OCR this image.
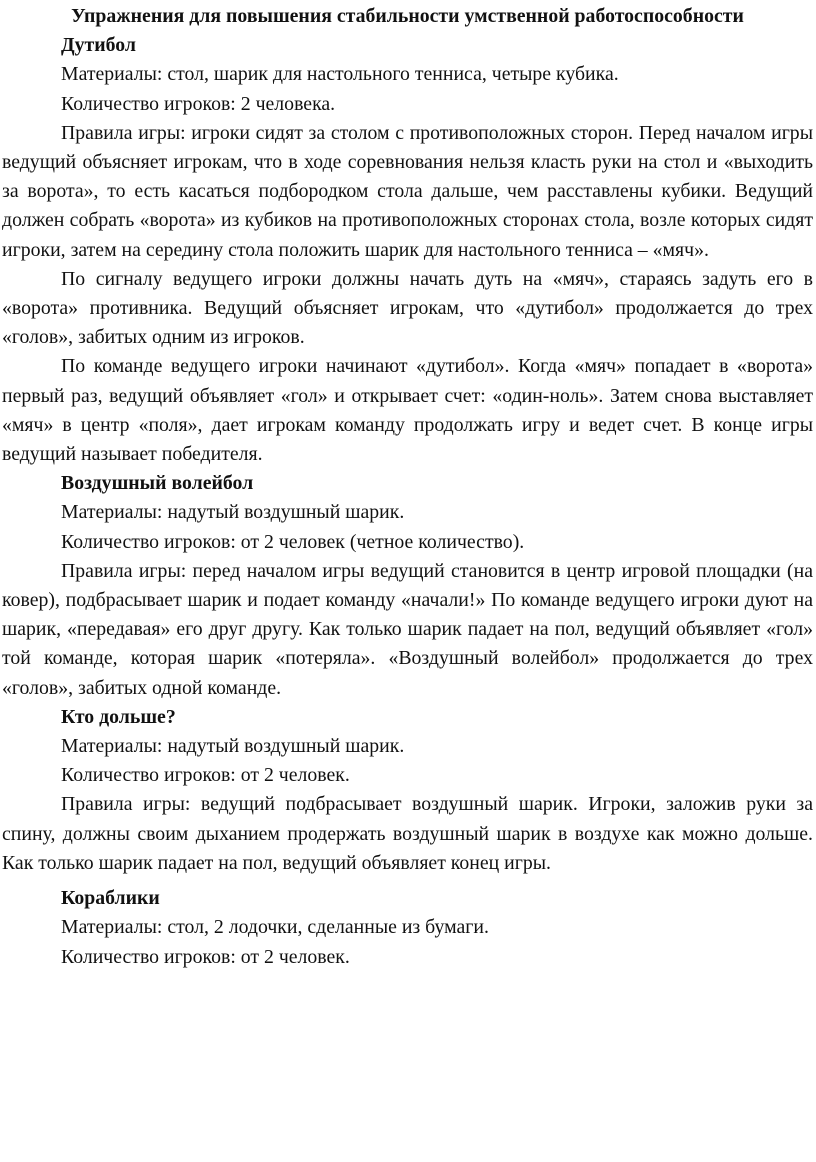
Упражнения для повышения стабильности умственной работоспособности

Дутибол

Материалы: стол, шарик для настольного тенниса, четыре кубика.

Количество игроков: 2 человека.

Правила игры: игроки сидят за столом с противоположных сторон. Перед началом игры ведущий объясняет игрокам, что в ходе соревнования нельзя класть руки на стол и «выходить за ворота», то есть касаться подбородком стола дальше, чем расставлены кубики. Ведущий должен собрать «ворота» из кубиков на противоположных сторонах стола, возле которых сидят игроки, затем на середину стола положить шарик для настольного тенниса – «мяч».

По сигналу ведущего игроки должны начать дуть на «мяч», стараясь задуть его в «ворота» противника. Ведущий объясняет игрокам, что «дутибол» продолжается до трех «голов», забитых одним из игроков.

По команде ведущего игроки начинают «дутибол». Когда «мяч» попадает в «ворота» первый раз, ведущий объявляет «гол» и открывает счет: «один-ноль». Затем снова выставляет «мяч» в центр «поля», дает игрокам команду продолжать игру и ведет счет. В конце игры ведущий называет победителя.

Воздушный волейбол

Материалы: надутый воздушный шарик.

Количество игроков: от 2 человек (четное количество).

Правила игры: перед началом игры ведущий становится в центр игровой площадки (на ковер), подбрасывает шарик и подает команду «начали!» По команде ведущего игроки дуют на шарик, «передавая» его друг другу. Как только шарик падает на пол, ведущий объявляет «гол» той команде, которая шарик «потеряла». «Воздушный волейбол» продолжается до трех «голов», забитых одной команде.

Кто дольше?

Материалы: надутый воздушный шарик.

Количество игроков: от 2 человек.

Правила игры: ведущий подбрасывает воздушный шарик. Игроки, заложив руки за спину, должны своим дыханием продержать воздушный шарик в воздухе как можно дольше. Как только шарик падает на пол, ведущий объявляет конец игры.

Кораблики

Материалы: стол, 2 лодочки, сделанные из бумаги.

Количество игроков: от 2 человек.
